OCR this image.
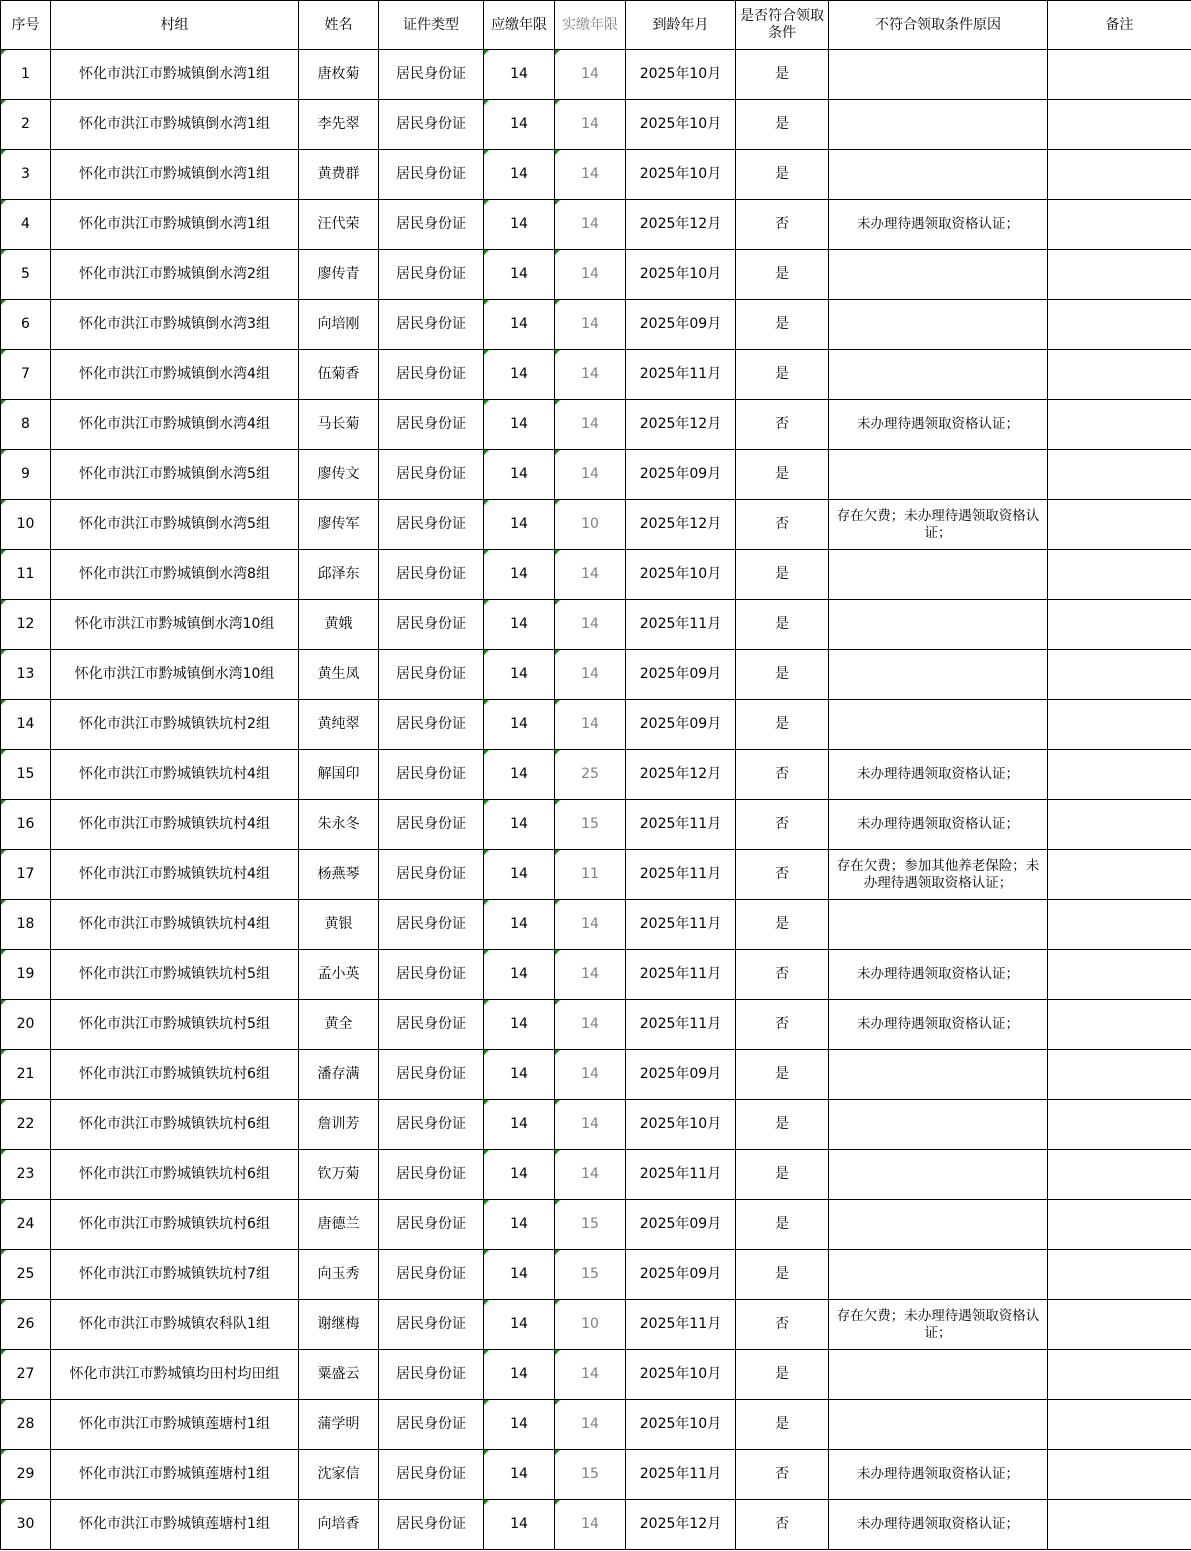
序号	村组	姓名	证件类型	应缴年限	实缴年限	到龄年月	是否符合领取条件	不符合领取条件原因	备注
1	怀化市洪江市黔城镇倒水湾1组	唐枚菊	居民身份证	14	14	2025年10月	是		
2	怀化市洪江市黔城镇倒水湾1组	李先翠	居民身份证	14	14	2025年10月	是		
3	怀化市洪江市黔城镇倒水湾1组	黄费群	居民身份证	14	14	2025年10月	是		
4	怀化市洪江市黔城镇倒水湾1组	汪代荣	居民身份证	14	14	2025年12月	否	未办理待遇领取资格认证；	
5	怀化市洪江市黔城镇倒水湾2组	廖传青	居民身份证	14	14	2025年10月	是		
6	怀化市洪江市黔城镇倒水湾3组	向培刚	居民身份证	14	14	2025年09月	是		
7	怀化市洪江市黔城镇倒水湾4组	伍菊香	居民身份证	14	14	2025年11月	是		
8	怀化市洪江市黔城镇倒水湾4组	马长菊	居民身份证	14	14	2025年12月	否	未办理待遇领取资格认证；	
9	怀化市洪江市黔城镇倒水湾5组	廖传文	居民身份证	14	14	2025年09月	是		
10	怀化市洪江市黔城镇倒水湾5组	廖传军	居民身份证	14	10	2025年12月	否	存在欠费；未办理待遇领取资格认证；	
11	怀化市洪江市黔城镇倒水湾8组	邱泽东	居民身份证	14	14	2025年10月	是		
12	怀化市洪江市黔城镇倒水湾10组	黄娥	居民身份证	14	14	2025年11月	是		
13	怀化市洪江市黔城镇倒水湾10组	黄生凤	居民身份证	14	14	2025年09月	是		
14	怀化市洪江市黔城镇铁坑村2组	黄纯翠	居民身份证	14	14	2025年09月	是		
15	怀化市洪江市黔城镇铁坑村4组	解国印	居民身份证	14	25	2025年12月	否	未办理待遇领取资格认证；	
16	怀化市洪江市黔城镇铁坑村4组	朱永冬	居民身份证	14	15	2025年11月	否	未办理待遇领取资格认证；	
17	怀化市洪江市黔城镇铁坑村4组	杨燕琴	居民身份证	14	11	2025年11月	否	存在欠费；参加其他养老保险；未办理待遇领取资格认证；	
18	怀化市洪江市黔城镇铁坑村4组	黄银	居民身份证	14	14	2025年11月	是		
19	怀化市洪江市黔城镇铁坑村5组	孟小英	居民身份证	14	14	2025年11月	否	未办理待遇领取资格认证；	
20	怀化市洪江市黔城镇铁坑村5组	黄全	居民身份证	14	14	2025年11月	否	未办理待遇领取资格认证；	
21	怀化市洪江市黔城镇铁坑村6组	潘存满	居民身份证	14	14	2025年09月	是		
22	怀化市洪江市黔城镇铁坑村6组	詹训芳	居民身份证	14	14	2025年10月	是		
23	怀化市洪江市黔城镇铁坑村6组	钦万菊	居民身份证	14	14	2025年11月	是		
24	怀化市洪江市黔城镇铁坑村6组	唐德兰	居民身份证	14	15	2025年09月	是		
25	怀化市洪江市黔城镇铁坑村7组	向玉秀	居民身份证	14	15	2025年09月	是		
26	怀化市洪江市黔城镇农科队1组	谢继梅	居民身份证	14	10	2025年11月	否	存在欠费；未办理待遇领取资格认证；	
27	怀化市洪江市黔城镇均田村均田组	粟盛云	居民身份证	14	14	2025年10月	是		
28	怀化市洪江市黔城镇莲塘村1组	蒲学明	居民身份证	14	14	2025年10月	是		
29	怀化市洪江市黔城镇莲塘村1组	沈家信	居民身份证	14	15	2025年11月	否	未办理待遇领取资格认证；	
30	怀化市洪江市黔城镇莲塘村1组	向培香	居民身份证	14	14	2025年12月	否	未办理待遇领取资格认证；	
